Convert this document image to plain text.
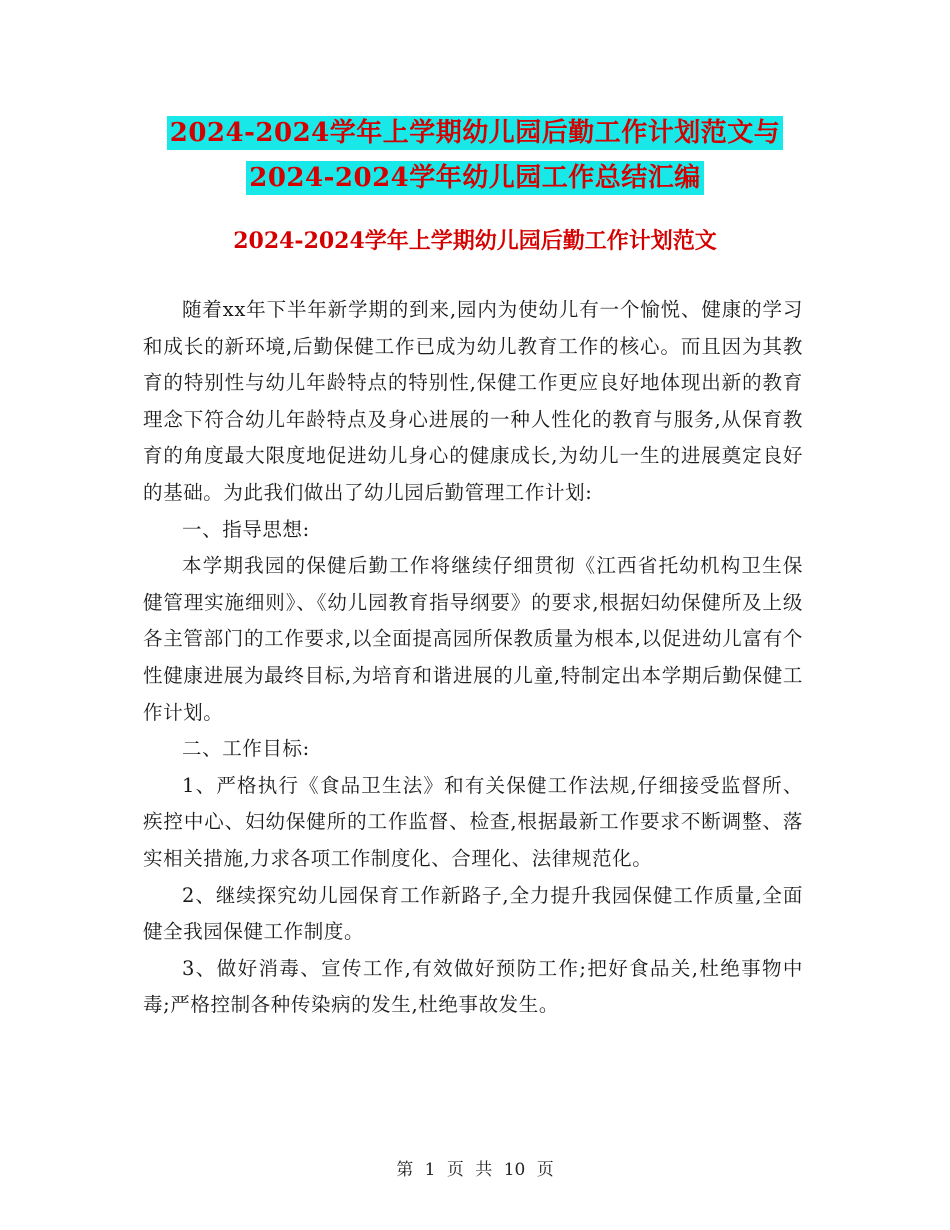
2024-2024学年上学期幼儿园后勤工作计划范文与
2024-2024学年幼儿园工作总结汇编
2024-2024学年上学期幼儿园后勤工作计划范文

随着xx年下半年新学期的到来,园内为使幼儿有一个愉悦、健康的学习和成长的新环境,后勤保健工作已成为幼儿教育工作的核心。而且因为其教育的特别性与幼儿年龄特点的特别性,保健工作更应良好地体现出新的教育理念下符合幼儿年龄特点及身心进展的一种人性化的教育与服务,从保育教育的角度最大限度地促进幼儿身心的健康成长,为幼儿一生的进展奠定良好的基础。为此我们做出了幼儿园后勤管理工作计划:

一、指导思想:

本学期我园的保健后勤工作将继续仔细贯彻《江西省托幼机构卫生保健管理实施细则》、《幼儿园教育指导纲要》的要求,根据妇幼保健所及上级各主管部门的工作要求,以全面提高园所保教质量为根本,以促进幼儿富有个性健康进展为最终目标,为培育和谐进展的儿童,特制定出本学期后勤保健工作计划。

二、工作目标:

1、严格执行《食品卫生法》和有关保健工作法规,仔细接受监督所、疾控中心、妇幼保健所的工作监督、检查,根据最新工作要求不断调整、落实相关措施,力求各项工作制度化、合理化、法律规范化。

2、继续探究幼儿园保育工作新路子,全力提升我园保健工作质量,全面健全我园保健工作制度。

3、做好消毒、宣传工作,有效做好预防工作;把好食品关,杜绝事物中毒;严格控制各种传染病的发生,杜绝事故发生。

第 1 页 共 10 页
